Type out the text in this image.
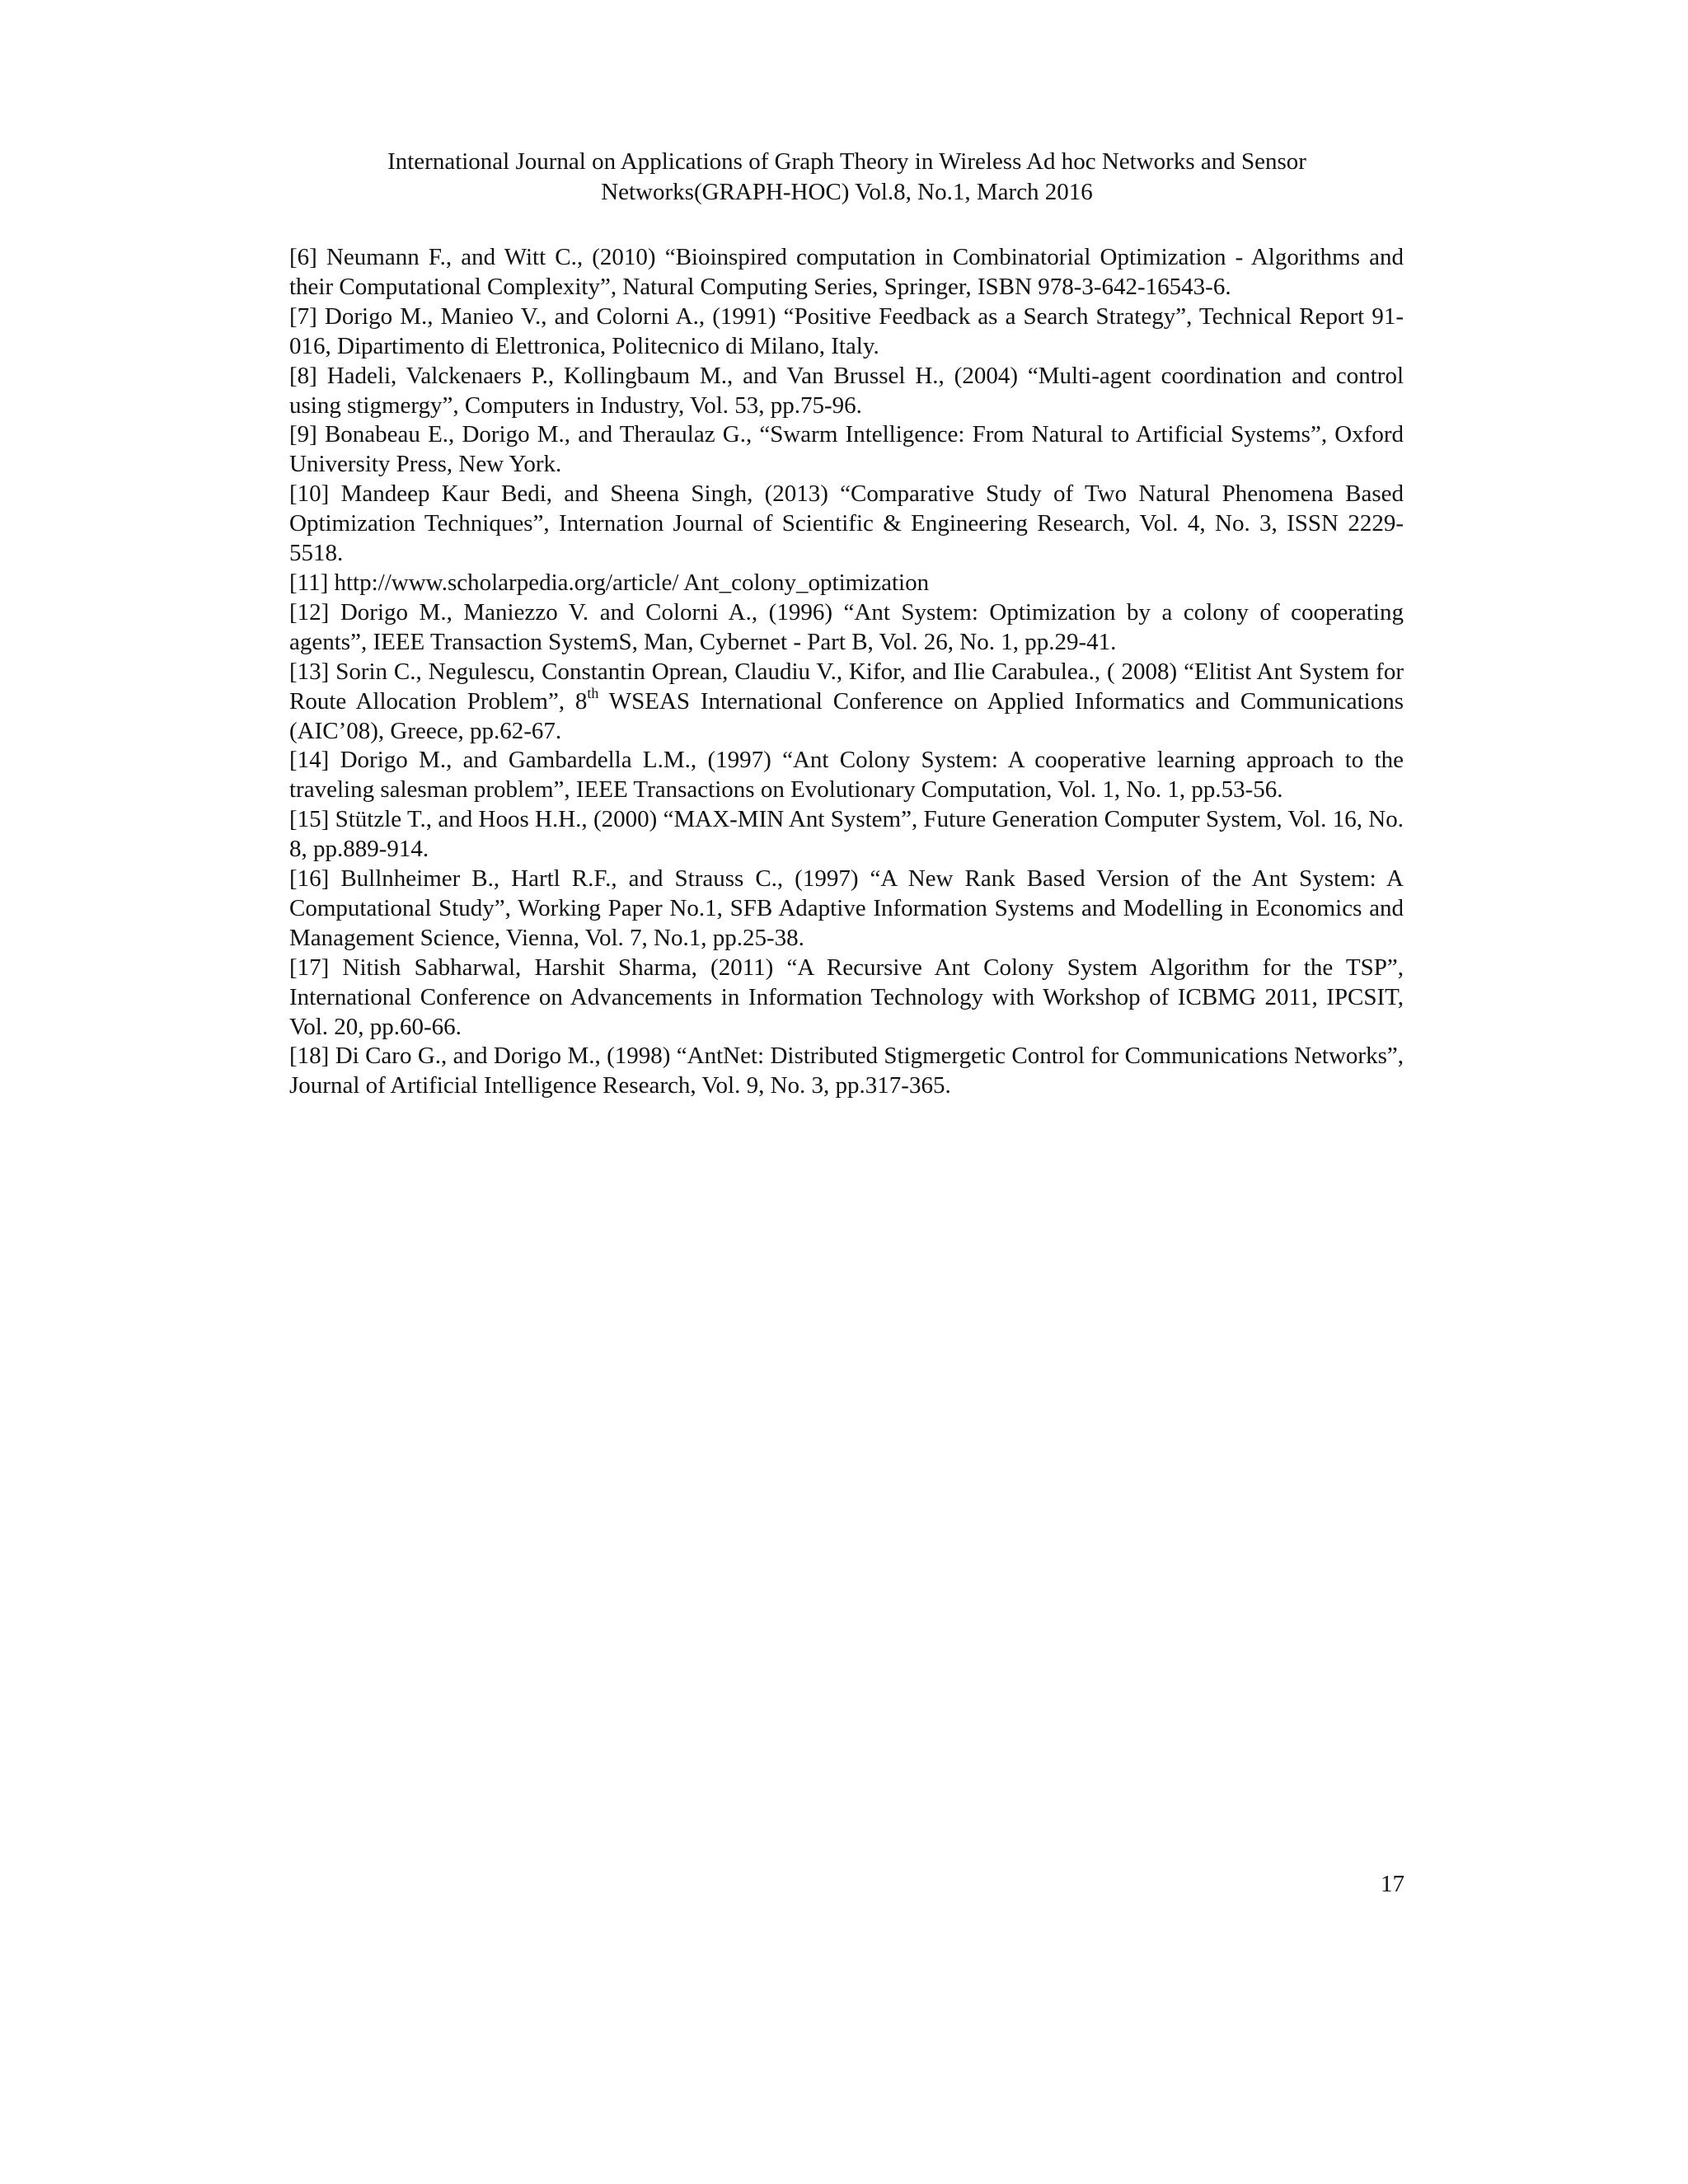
International Journal on Applications of Graph Theory in Wireless Ad hoc Networks and Sensor
Networks(GRAPH-HOC) Vol.8, No.1, March 2016

[6] Neumann F., and Witt C., (2010) “Bioinspired computation in Combinatorial Optimization - Algorithms and their Computational Complexity”, Natural Computing Series, Springer, ISBN 978-3-642-16543-6.

[7] Dorigo M., Manieo V., and Colorni A., (1991) “Positive Feedback as a Search Strategy”, Technical Report 91-016, Dipartimento di Elettronica, Politecnico di Milano, Italy.

[8] Hadeli, Valckenaers P., Kollingbaum M., and Van Brussel H., (2004) “Multi-agent coordination and control using stigmergy”, Computers in Industry, Vol. 53, pp.75-96.

[9] Bonabeau E., Dorigo M., and Theraulaz G., “Swarm Intelligence: From Natural to Artificial Systems”, Oxford University Press, New York.

[10] Mandeep Kaur Bedi, and Sheena Singh, (2013) “Comparative Study of Two Natural Phenomena Based Optimization Techniques”, Internation Journal of Scientific & Engineering Research, Vol. 4, No. 3, ISSN 2229-5518.

[11] http://www.scholarpedia.org/article/ Ant_colony_optimization

[12] Dorigo M., Maniezzo V. and Colorni A., (1996) “Ant System: Optimization by a colony of cooperating agents”, IEEE Transaction SystemS, Man, Cybernet - Part B, Vol. 26, No. 1, pp.29-41.

[13] Sorin C., Negulescu, Constantin Oprean, Claudiu V., Kifor, and Ilie Carabulea., ( 2008) “Elitist Ant System for Route Allocation Problem”, 8th WSEAS International Conference on Applied Informatics and Communications (AIC’08), Greece, pp.62-67.

[14] Dorigo M., and Gambardella L.M., (1997) “Ant Colony System: A cooperative learning approach to the traveling salesman problem”, IEEE Transactions on Evolutionary Computation, Vol. 1, No. 1, pp.53-56.

[15] Stützle T., and Hoos H.H., (2000) “MAX-MIN Ant System”, Future Generation Computer System, Vol. 16, No. 8, pp.889-914.

[16] Bullnheimer B., Hartl R.F., and Strauss C., (1997) “A New Rank Based Version of the Ant System: A Computational Study”, Working Paper No.1, SFB Adaptive Information Systems and Modelling in Economics and Management Science, Vienna, Vol. 7, No.1, pp.25-38.

[17] Nitish Sabharwal, Harshit Sharma, (2011) “A Recursive Ant Colony System Algorithm for the TSP”, International Conference on Advancements in Information Technology with Workshop of ICBMG 2011, IPCSIT, Vol. 20, pp.60-66.

[18] Di Caro G., and Dorigo M., (1998) “AntNet: Distributed Stigmergetic Control for Communications Networks”, Journal of Artificial Intelligence Research, Vol. 9, No. 3, pp.317-365.

17
